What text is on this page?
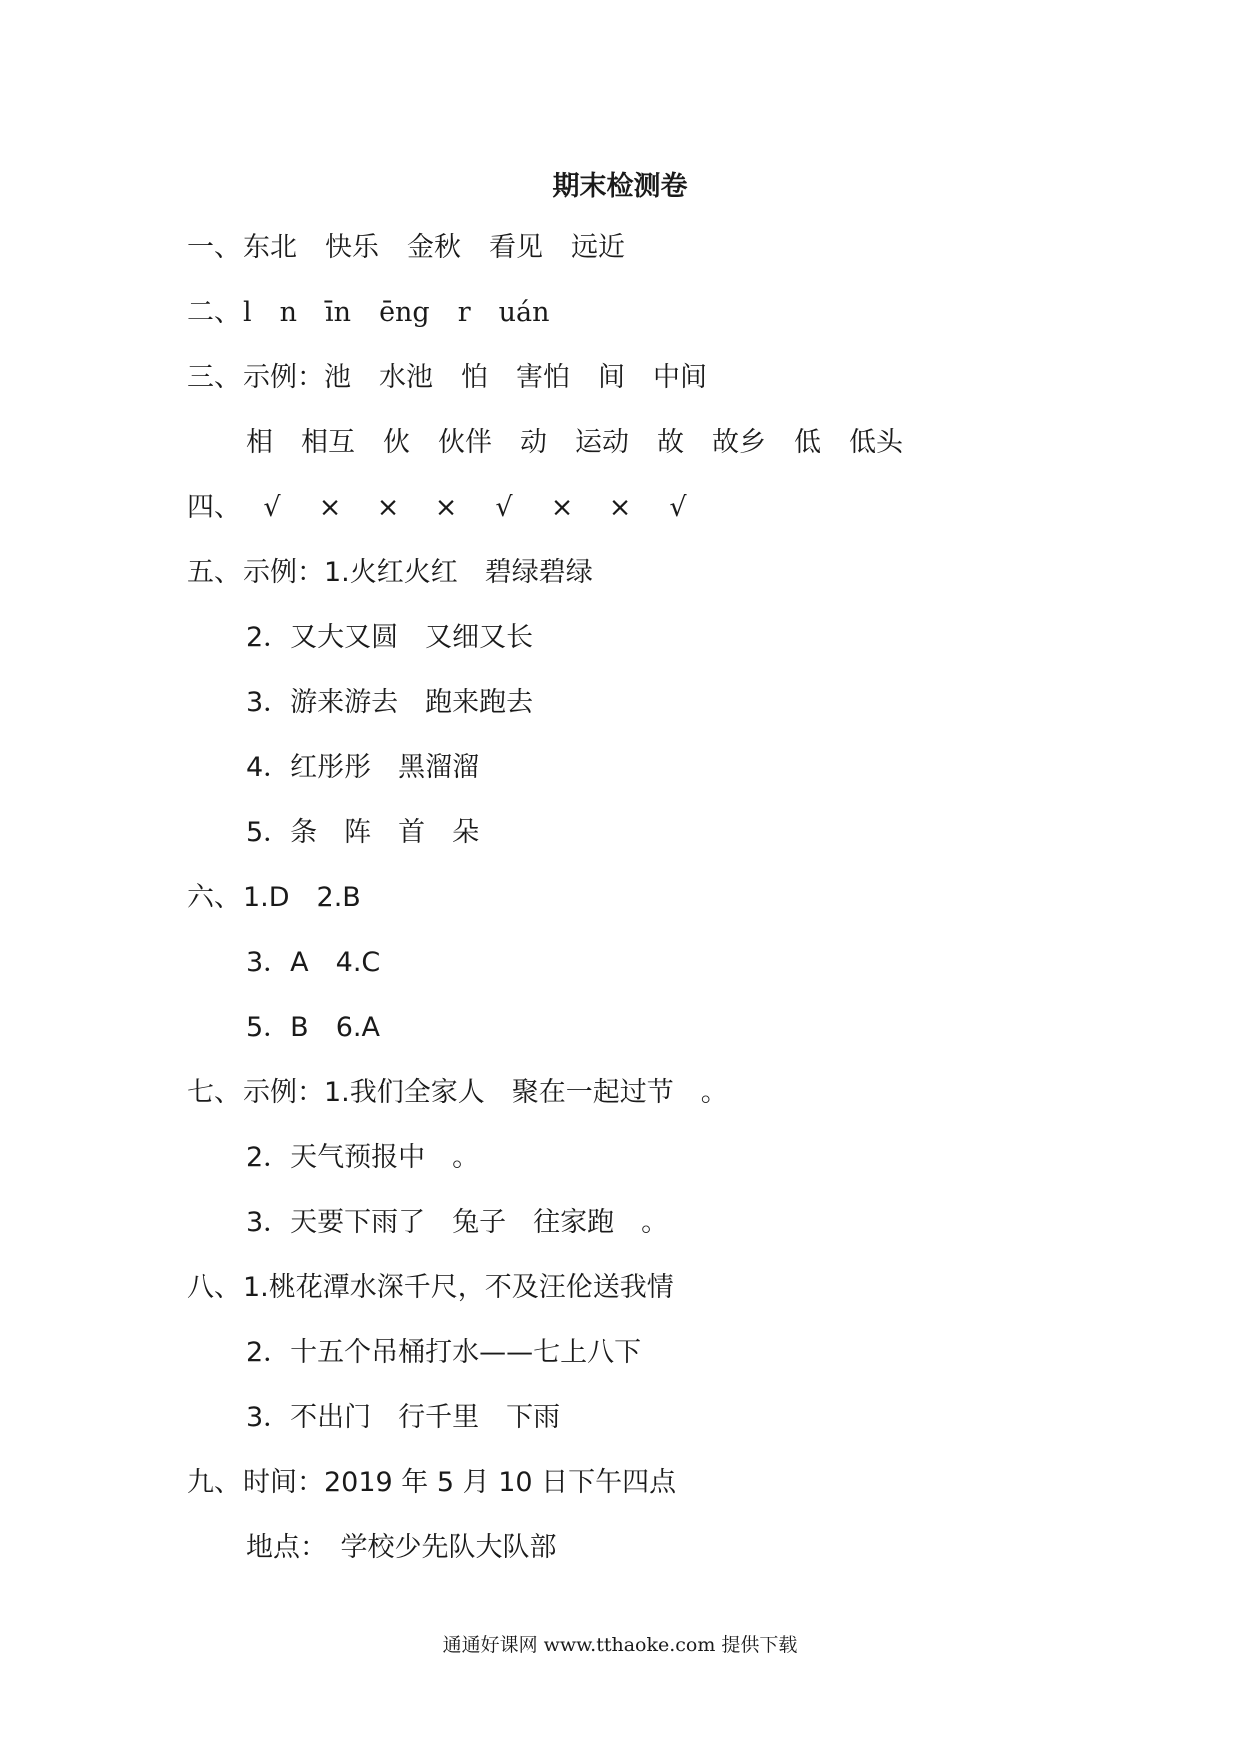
期末检测卷
一、 东北 快乐 金秋 看见 远近
二、 l n īn ēng r uán
三、 示例： 池 水池 怕 害怕 间 中间
相 相互 伙 伙伴 动 运动 故 故乡 低 低头
四、 √	×	×	×	√	×	×	√
五、 示例： 1.火红火红　碧绿碧绿
2．又大又圆　又细又长
3．游来游去　跑来跑去
4．红彤彤　黑溜溜
5．条　阵　首　朵
六、 1.D　2.B
3．A　4.C
5．B　6.A
七、 示例： 1.我们全家人　聚在一起过节　。
2．天气预报中　。
3．天要下雨了　兔子　往家跑　。
八、 1.桃花潭水深千尺，不及汪伦送我情
2．十五个吊桶打水——七上八下
3．不出门　行千里　下雨
九、 时间：2019 年 5 月 10 日下午四点
地点：　学校少先队大队部
通通好课网 www.tthaoke.com 提供下载
